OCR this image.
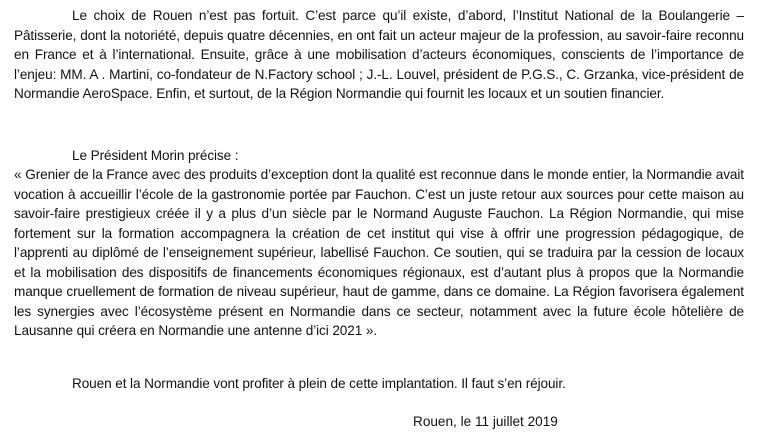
Le choix de Rouen n’est pas fortuit. C’est parce qu’il existe, d’abord, l’Institut National de la Boulangerie – Pâtisserie, dont la notoriété, depuis quatre décennies, en ont fait un acteur majeur de la profession, au savoir-faire reconnu en France et à l’international. Ensuite, grâce à une mobilisation d’acteurs économiques, conscients de l’importance de l’enjeu: MM. A . Martini, co-fondateur de N.Factory school ; J.-L. Louvel, président de P.G.S., C. Grzanka, vice-président de Normandie AeroSpace. Enfin, et surtout, de la Région Normandie qui fournit les locaux et un soutien financier.

Le Président Morin précise :

« Grenier de la France avec des produits d’exception dont la qualité est reconnue dans le monde entier, la Normandie avait vocation à accueillir l’école de la gastronomie portée par Fauchon. C’est un juste retour aux sources pour cette maison au savoir-faire prestigieux créée il y a plus d’un siècle par le Normand Auguste Fauchon. La Région Normandie, qui mise fortement sur la formation accompagnera la création de cet institut qui vise à offrir une progression pédagogique, de l’apprenti au diplômé de l’enseignement supérieur, labellisé Fauchon. Ce soutien, qui se traduira par la cession de locaux et la mobilisation des dispositifs de financements économiques régionaux, est d’autant plus à propos que la Normandie manque cruellement de formation de niveau supérieur, haut de gamme, dans ce domaine. La Région favorisera également les synergies avec l’écosystème présent en Normandie dans ce secteur, notamment avec la future école hôtelière de Lausanne qui créera en Normandie une antenne d’ici 2021 ».

Rouen et la Normandie vont profiter à plein de cette implantation. Il faut s’en réjouir.

Rouen, le 11 juillet 2019
